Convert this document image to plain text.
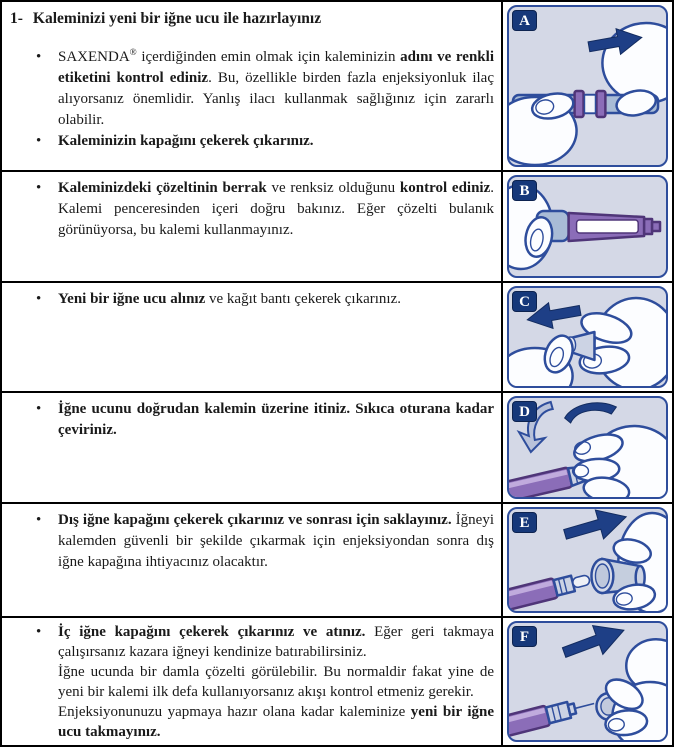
1- Kaleminizi yeni bir iğne ucu ile hazırlayınız
•	SAXENDA® içerdiğinden emin olmak için kaleminizin adını ve renkli etiketini kontrol ediniz. Bu, özellikle birden fazla enjeksiyonluk ilaç alıyorsanız önemlidir. Yanlış ilacı kullanmak sağlığınız için zararlı olabilir.
•	Kaleminizin kapağını çekerek çıkarınız.
A
•	Kaleminizdeki çözeltinin berrak ve renksiz olduğunu kontrol ediniz. Kalemi penceresinden içeri doğru bakınız. Eğer çözelti bulanık görünüyorsa, bu kalemi kullanmayınız.
B
•	Yeni bir iğne ucu alınız ve kağıt bantı çekerek çıkarınız.	C
•	İğne ucunu doğrudan kalemin üzerine itiniz. Sıkıca oturana kadar çeviriniz.
D
•	Dış iğne kapağını çekerek çıkarınız ve sonrası için saklayınız. İğneyi kalemden güvenli bir şekilde çıkarmak için enjeksiyondan sonra dış iğne kapağına ihtiyacınız olacaktır.
E
•	İç iğne kapağını çekerek çıkarınız ve atınız. Eğer geri takmaya çalışırsanız kazara iğneyi kendinize batırabilirsiniz.
İğne ucunda bir damla çözelti görülebilir. Bu normaldir fakat yine de yeni bir kalemi ilk defa kullanıyorsanız akışı kontrol etmeniz gerekir.
Enjeksiyonunuzu yapmaya hazır olana kadar kaleminize yeni bir iğne ucu takmayınız.
F
